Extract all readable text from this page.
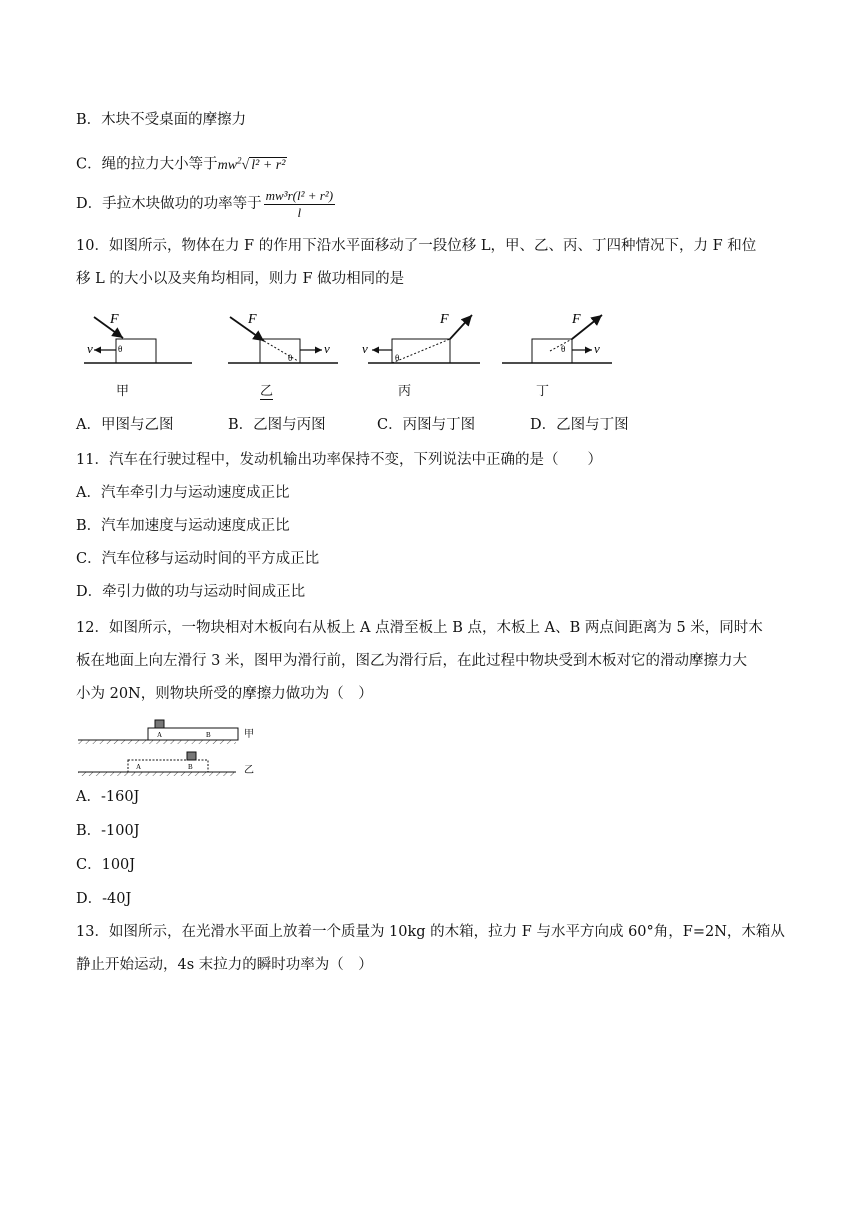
B．木块不受桌面的摩擦力
C．绳的拉力大小等于$mw^2√$ l² + r²
D．手拉木块做功的功率等于 $\frac{\text{mw³r(l² + r²)}}{l}$
10．如图所示，物体在力 F 的作用下沿水平面移动了一段位移 L，甲、乙、丙、丁四种情况下，力 F 和位
移 L 的大小以及夹角均相同，则力 F 做功相同的是
F
v	θ
F
v
θ
F
v
θ
F
v
θ
甲	乙	丙	丁
A．甲图与乙图	B．乙图与丙图	C．丙图与丁图	D．乙图与丁图
11．汽车在行驶过程中，发动机输出功率保持不变，下列说法中正确的是（　　）
A．汽车牵引力与运动速度成正比
B．汽车加速度与运动速度成正比
C．汽车位移与运动时间的平方成正比
D．牵引力做的功与运动时间成正比
12．如图所示，一物块相对木板向右从板上 A 点滑至板上 B 点，木板上 A、B 两点间距离为 5 米，同时木
板在地面上向左滑行 3 米，图甲为滑行前，图乙为滑行后，在此过程中物块受到木板对它的滑动摩擦力大
小为 20N，则物块所受的摩擦力做功为（　）
A	B	甲
A	B	乙
A．-160J
B．-100J
C．100J
D．-40J
13．如图所示，在光滑水平面上放着一个质量为 10kg 的木箱，拉力 F 与水平方向成 60°角，F=2N，木箱从
静止开始运动，4s 末拉力的瞬时功率为（　）
